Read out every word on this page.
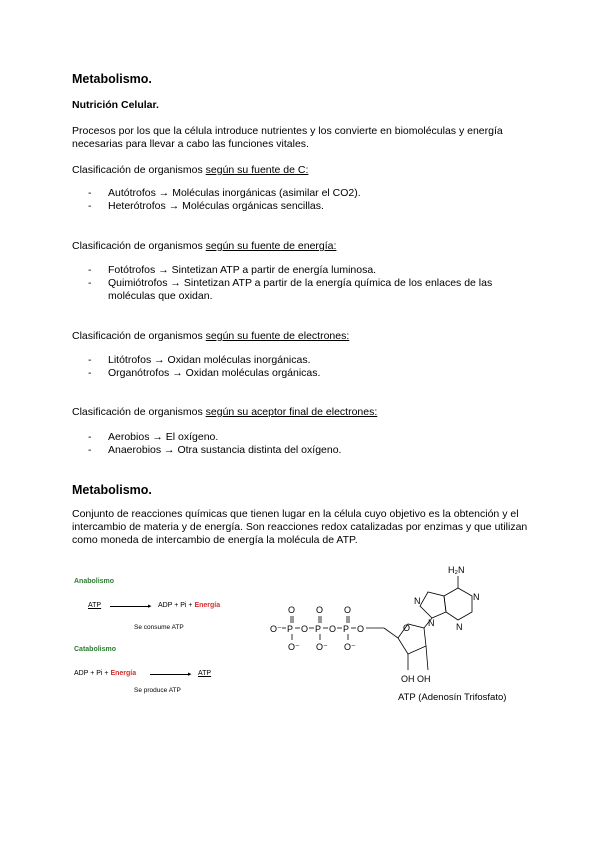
Metabolismo.
Nutrición Celular.
Procesos por los que la célula introduce nutrientes y los convierte en biomoléculas y energía necesarias para llevar a cabo las funciones vitales.
Clasificación de organismos según su fuente de C:
- Autótrofos → Moléculas inorgánicas (asimilar el CO2).
- Heterótrofos → Moléculas orgánicas sencillas.
Clasificación de organismos según su fuente de energía:
- Fotótrofos → Sintetizan ATP a partir de energía luminosa.
- Quimiótrofos → Sintetizan ATP a partir de la energía química de los enlaces de las moléculas que oxidan.
Clasificación de organismos según su fuente de electrones:
- Litótrofos → Oxidan moléculas inorgánicas.
- Organótrofos → Oxidan moléculas orgánicas.
Clasificación de organismos según su aceptor final de electrones:
- Aerobios → El oxígeno.
- Anaerobios → Otra sustancia distinta del oxígeno.
Metabolismo.
Conjunto de reacciones químicas que tienen lugar en la célula cuyo objetivo es la obtención y el intercambio de materia y de energía. Son reacciones redox catalizadas por enzimas y que utilizan como moneda de intercambio de energía la molécula de ATP.
Anabolismo
ATP	▸ ADP + Pi + Energía
Se consume ATP
Catabolismo
ADP + Pi + Energía	▸ ATP
Se produce ATP
O⁻ P
O
O⁻
O P
O
O⁻
O P
O
O⁻
O	O
OH OH
N
N	N
N
H₂N
ATP (Adenosín Trifosfato)
